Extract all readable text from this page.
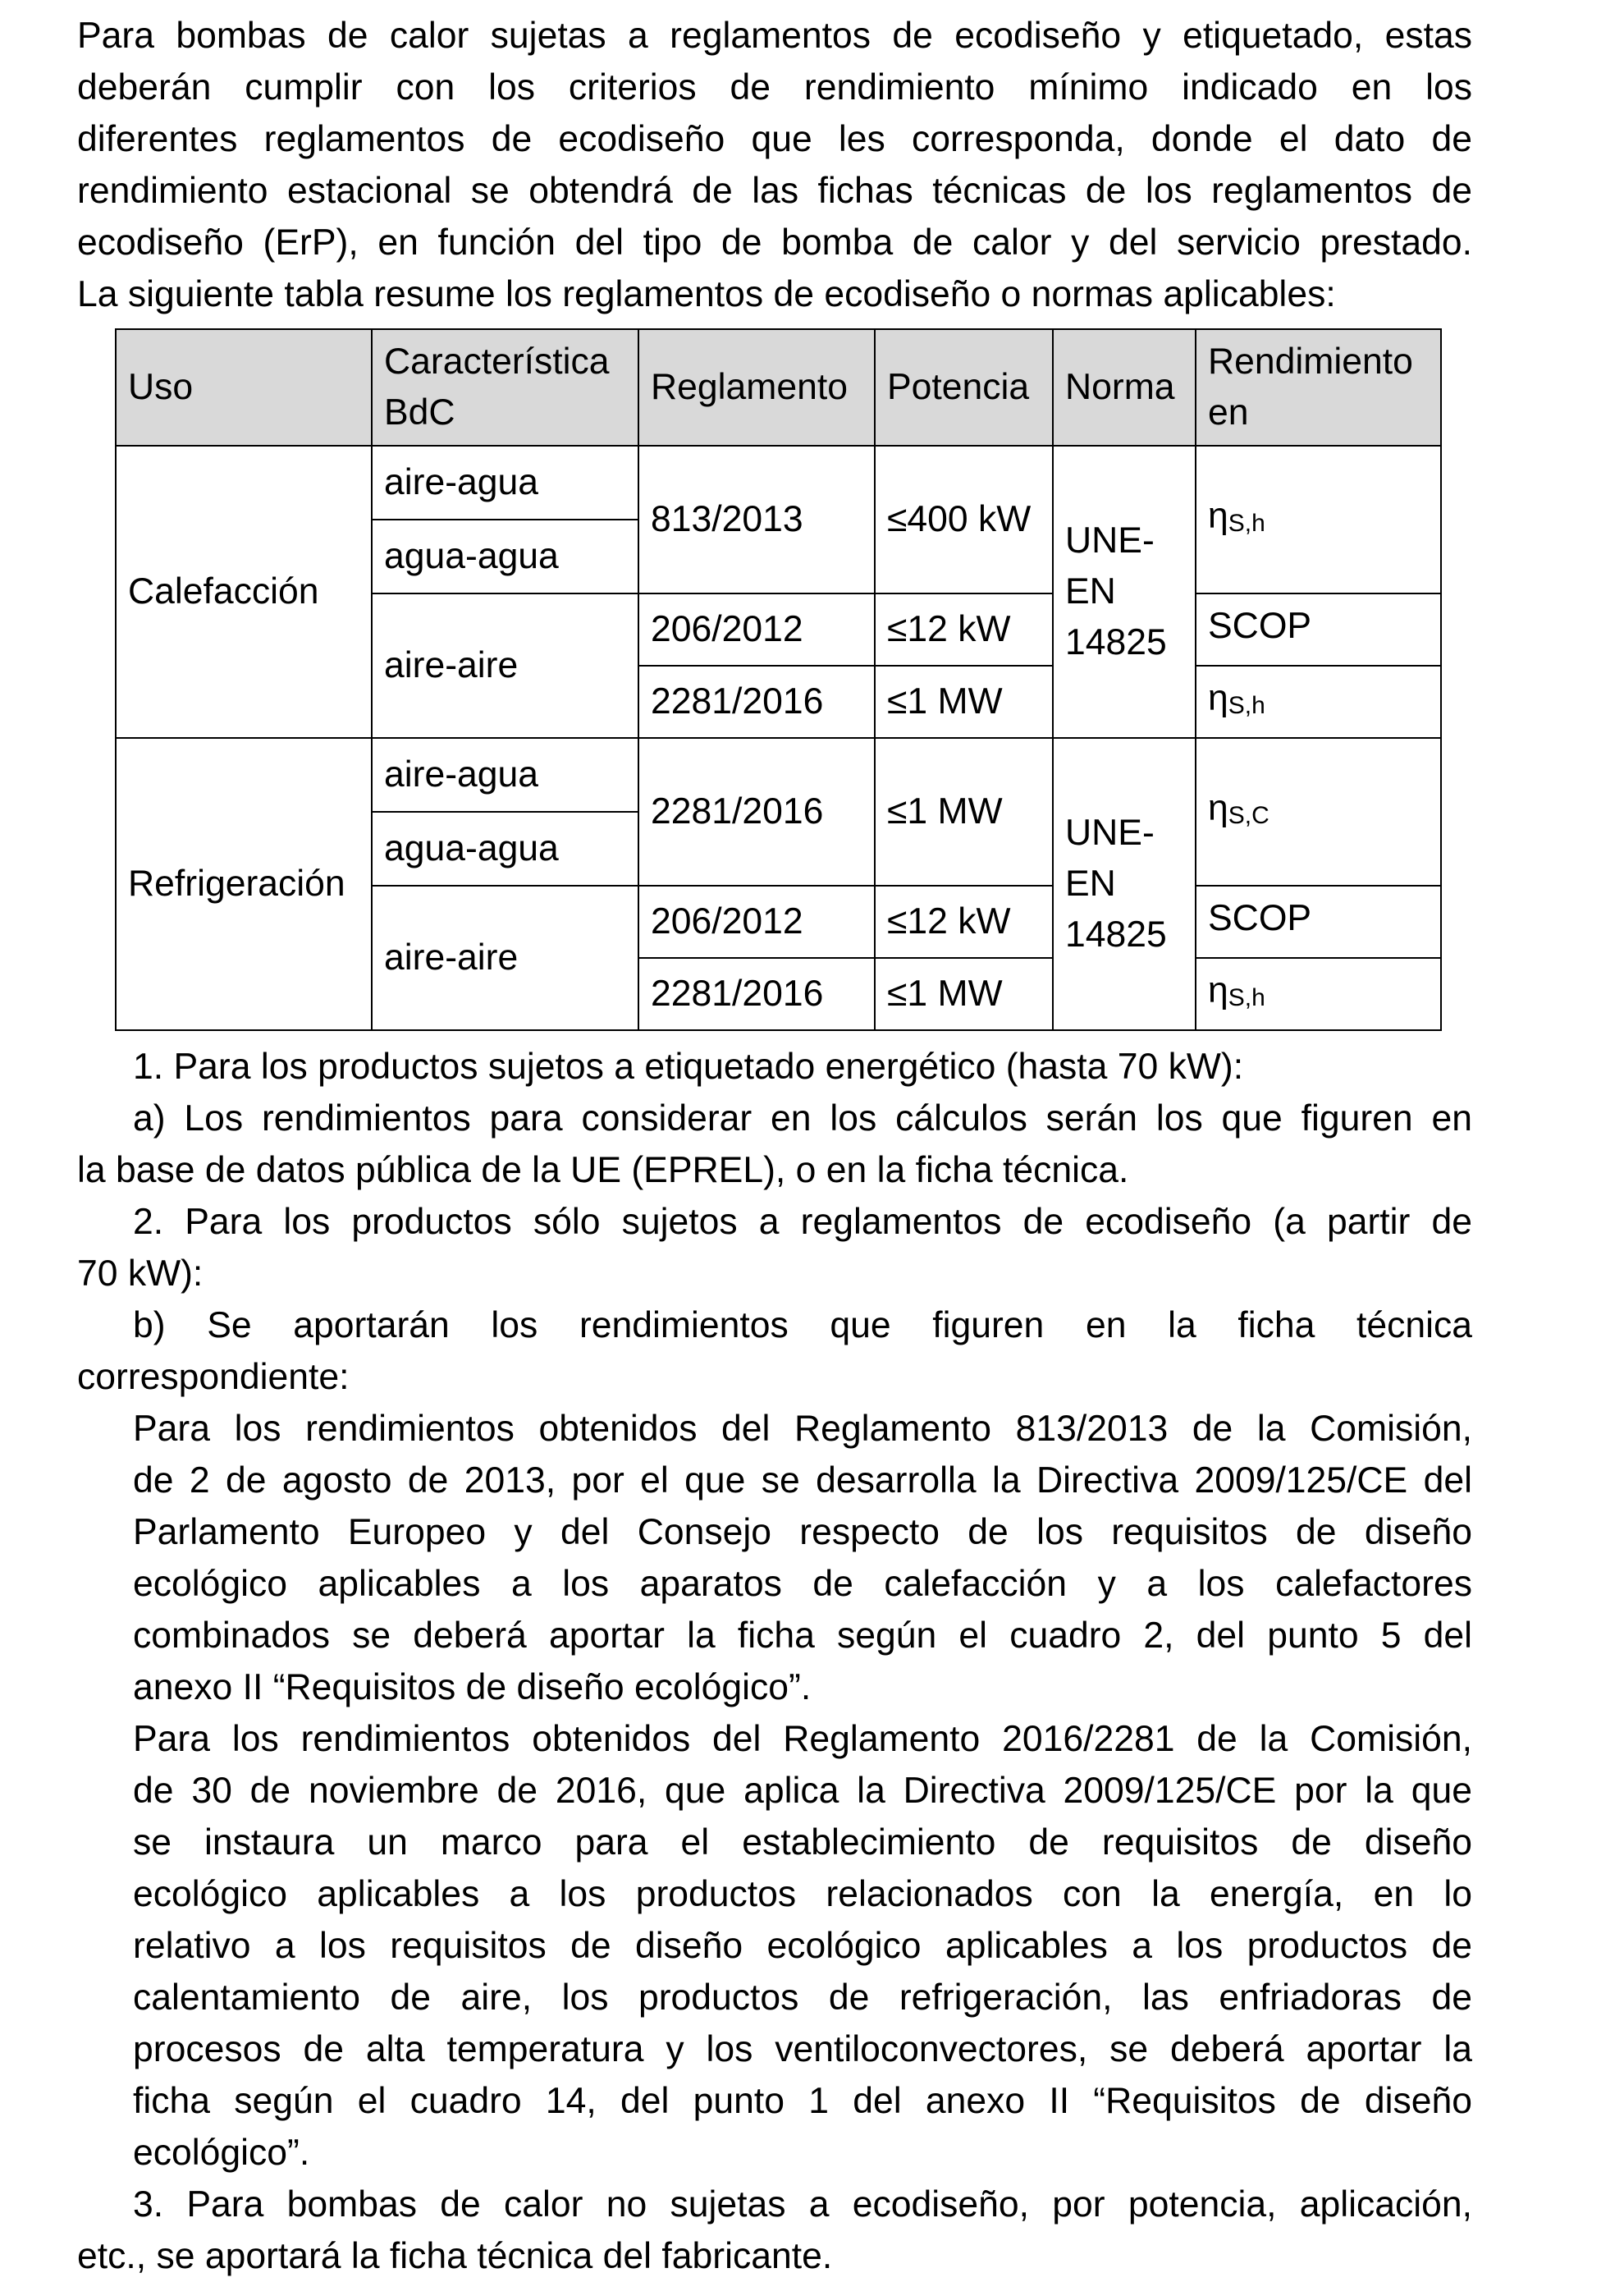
Para bombas de calor sujetas a reglamentos de ecodiseño y etiquetado, estas
deberán cumplir con los criterios de rendimiento mínimo indicado en los
diferentes reglamentos de ecodiseño que les corresponda, donde el dato de
rendimiento estacional se obtendrá de las fichas técnicas de los reglamentos de
ecodiseño (ErP), en función del tipo de bomba de calor y del servicio prestado.
La siguiente tabla resume los reglamentos de ecodiseño o normas aplicables:
Uso	Característica BdC	Reglamento	Potencia	Norma	Rendimiento en
Calefacción	aire-agua	813/2013	≤400 kW	UNE-EN 14825	ηS,h
	agua-agua				
	aire-aire	206/2012	≤12 kW		SCOP
		2281/2016	≤1 MW		ηS,h
Refrigeración	aire-agua	2281/2016	≤1 MW	UNE-EN 14825	ηS,C
	agua-agua				
	aire-aire	206/2012	≤12 kW		SCOP
		2281/2016	≤1 MW		ηS,h
1. Para los productos sujetos a etiquetado energético (hasta 70 kW):
a) Los rendimientos para considerar en los cálculos serán los que figuren en
la base de datos pública de la UE (EPREL), o en la ficha técnica.
2. Para los productos sólo sujetos a reglamentos de ecodiseño (a partir de
70 kW):
b) Se aportarán los rendimientos que figuren en la ficha técnica
correspondiente:
Para los rendimientos obtenidos del Reglamento 813/2013 de la Comisión,
de 2 de agosto de 2013, por el que se desarrolla la Directiva 2009/125/CE del
Parlamento Europeo y del Consejo respecto de los requisitos de diseño
ecológico aplicables a los aparatos de calefacción y a los calefactores
combinados se deberá aportar la ficha según el cuadro 2, del punto 5 del
anexo II “Requisitos de diseño ecológico”.
Para los rendimientos obtenidos del Reglamento 2016/2281 de la Comisión,
de 30 de noviembre de 2016, que aplica la Directiva 2009/125/CE por la que
se instaura un marco para el establecimiento de requisitos de diseño
ecológico aplicables a los productos relacionados con la energía, en lo
relativo a los requisitos de diseño ecológico aplicables a los productos de
calentamiento de aire, los productos de refrigeración, las enfriadoras de
procesos de alta temperatura y los ventiloconvectores, se deberá aportar la
ficha según el cuadro 14, del punto 1 del anexo II “Requisitos de diseño
ecológico”.
3. Para bombas de calor no sujetas a ecodiseño, por potencia, aplicación,
etc., se aportará la ficha técnica del fabricante.
